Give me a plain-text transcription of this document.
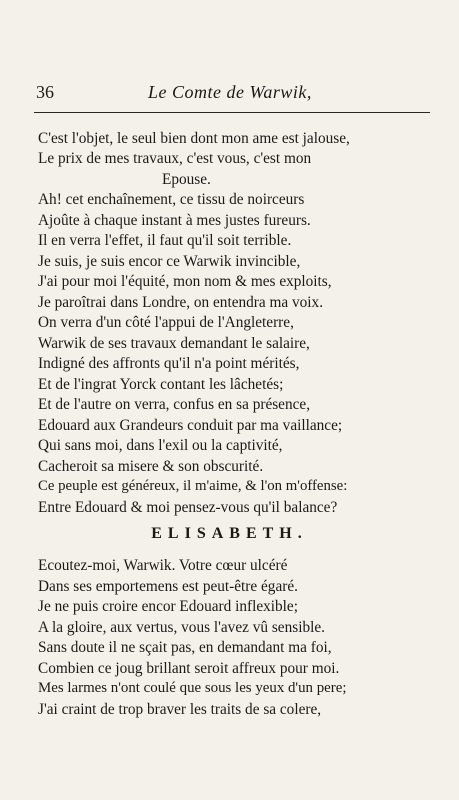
36	Le Comte de Warwik,
C'est l'objet, le seul bien dont mon ame est jalouse,
Le prix de mes travaux, c'est vous, c'est mon
Epouse.
Ah! cet enchaînement, ce tissu de noirceurs
Ajoûte à chaque instant à mes justes fureurs.
Il en verra l'effet, il faut qu'il soit terrible.
Je suis, je suis encor ce Warwik invincible,
J'ai pour moi l'équité, mon nom & mes exploits,
Je paroîtrai dans Londre, on entendra ma voix.
On verra d'un côté l'appui de l'Angleterre,
Warwik de ses travaux demandant le salaire,
Indigné des affronts qu'il n'a point mérités,
Et de l'ingrat Yorck contant les lâchetés;
Et de l'autre on verra, confus en sa présence,
Edouard aux Grandeurs conduit par ma vaillance;
Qui sans moi, dans l'exil ou la captivité,
Cacheroit sa misere & son obscurité.
Ce peuple est généreux, il m'aime, & l'on m'offense:
Entre Edouard & moi pensez-vous qu'il balance?
ELISABETH.
Ecoutez-moi, Warwik. Votre cœur ulcéré
Dans ses emportemens est peut-être égaré.
Je ne puis croire encor Edouard inflexible;
A la gloire, aux vertus, vous l'avez vû sensible.
Sans doute il ne sçait pas, en demandant ma foi,
Combien ce joug brillant seroit affreux pour moi.
Mes larmes n'ont coulé que sous les yeux d'un pere;
J'ai craint de trop braver les traits de sa colere,
